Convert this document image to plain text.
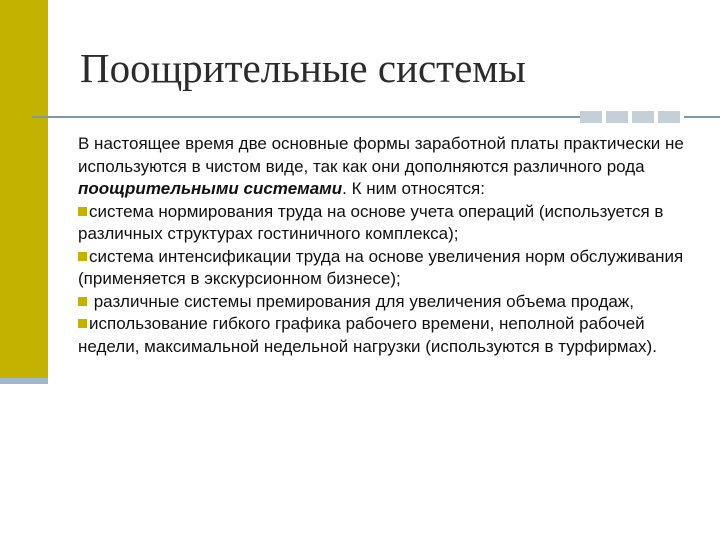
Поощрительные системы

В настоящее время две основные формы заработной платы практически не используются в чистом виде, так как они дополняются различного рода поощрительными системами. К ним относятся:

система нормирования труда на основе учета операций (используется в различных структурах гостиничного комплекса);

система интенсификации труда на основе увеличения норм обслуживания (применяется в экскурсионном бизнесе);

различные системы премирования для увеличения объема продаж,

использование гибкого графика рабочего времени, неполной рабочей недели, максимальной недельной нагрузки (используются в турфирмах).
